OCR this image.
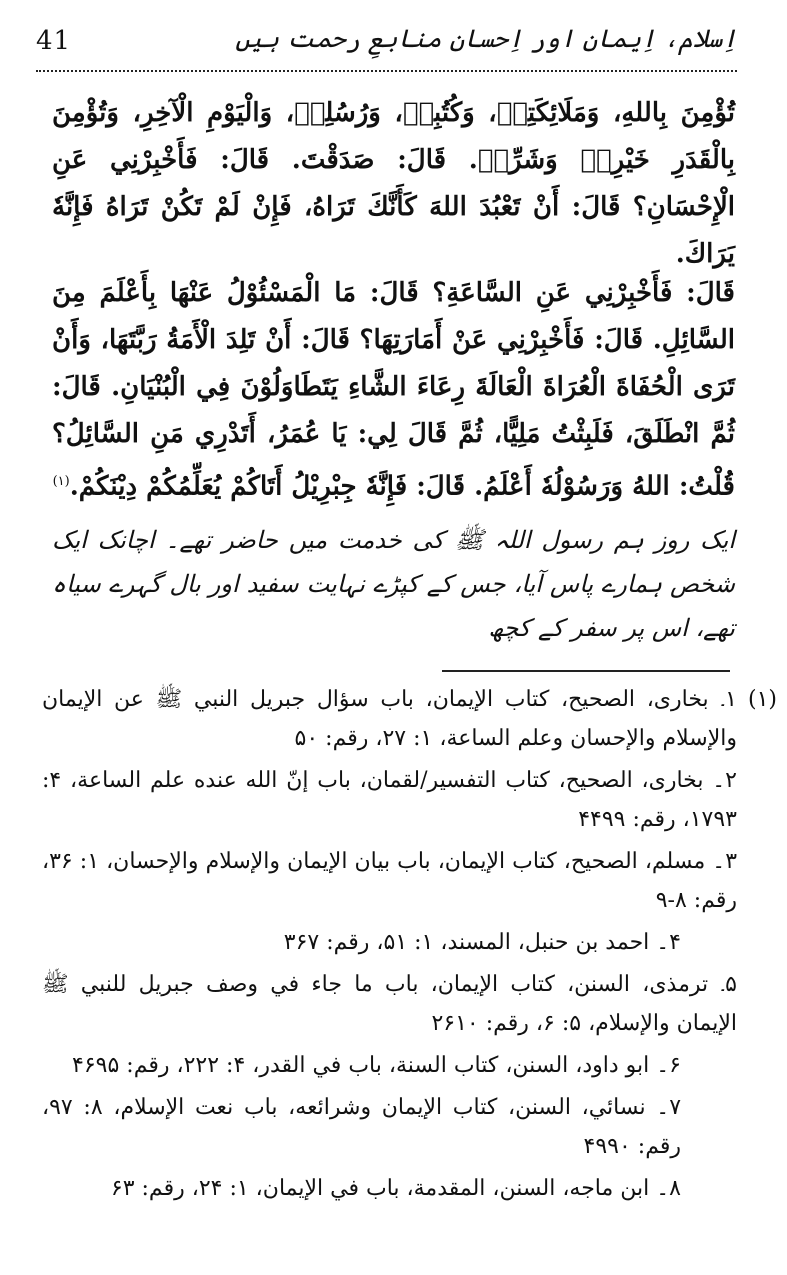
41	اِسلام، اِیمان اور اِحسان منابعِ رحمت ہیں

تُؤْمِنَ بِاللهِ، وَمَلَائِكَتِهٖ، وَكُتُبِهٖ، وَرُسُلِهٖ، وَالْيَوْمِ الْآخِرِ، وَتُؤْمِنَ بِالْقَدَرِ خَيْرِهٖ وَشَرِّهٖ. قَالَ: صَدَقْتَ. قَالَ: فَأَخْبِرْنِي عَنِ الْإِحْسَانِ؟ قَالَ: أَنْ تَعْبُدَ اللهَ كَأَنَّكَ تَرَاهُ، فَإِنْ لَمْ تَكُنْ تَرَاهُ فَإِنَّهٗ يَرَاكَ.

قَالَ: فَأَخْبِرْنِي عَنِ السَّاعَةِ؟ قَالَ: مَا الْمَسْئُوْلُ عَنْهَا بِأَعْلَمَ مِنَ السَّائِلِ. قَالَ: فَأَخْبِرْنِي عَنْ أَمَارَتِهَا؟ قَالَ: أَنْ تَلِدَ الْأَمَةُ رَبَّتَهَا، وَأَنْ تَرَى الْحُفَاةَ الْعُرَاةَ الْعَالَةَ رِعَاءَ الشَّاءِ يَتَطَاوَلُوْنَ فِي الْبُنْيَانِ. قَالَ: ثُمَّ انْطَلَقَ، فَلَبِثْتُ مَلِيًّا، ثُمَّ قَالَ لِي: يَا عُمَرُ، أَتَدْرِي مَنِ السَّائِلُ؟ قُلْتُ: اللهُ وَرَسُوْلُهٗ أَعْلَمُ. قَالَ: فَإِنَّهٗ جِبْرِيْلُ أَتَاكُمْ يُعَلِّمُكُمْ دِيْنَكُمْ.$^{(۱)}$

ایک روز ہم رسول اللہ ﷺ کی خدمت میں حاضر تھے۔ اچانک ایک شخص ہمارے پاس آیا، جس کے کپڑے نہایت سفید اور بال گہرے سیاہ تھے، اس پر سفر کے کچھ

(۱)
۱۔ بخاری، الصحیح، کتاب الإیمان، باب سؤال جبریل النبي ﷺ عن الإیمان والإسلام والإحسان وعلم الساعة، ۱: ۲۷، رقم: ۵۰
۲۔ بخاری، الصحیح، کتاب التفسیر/لقمان، باب إنّ الله عنده علم الساعة، ۴: ۱۷۹۳، رقم: ۴۴۹۹
۳۔ مسلم، الصحیح، کتاب الإیمان، باب بیان الإیمان والإسلام والإحسان، ۱: ۳۶، رقم: ۸-۹
۴۔ احمد بن حنبل، المسند، ۱: ۵۱، رقم: ۳۶۷
۵۔ ترمذی، السنن، کتاب الإیمان، باب ما جاء في وصف جبریل للنبي ﷺ الإیمان والإسلام، ۵: ۶، رقم: ۲۶۱۰
۶۔ ابو داود، السنن، کتاب السنة، باب في القدر، ۴: ۲۲۲، رقم: ۴۶۹۵
۷۔ نسائي، السنن، کتاب الإیمان وشرائعه، باب نعت الإسلام، ۸: ۹۷، رقم: ۴۹۹۰
۸۔ ابن ماجه، السنن، المقدمة، باب في الإیمان، ۱: ۲۴، رقم: ۶۳
